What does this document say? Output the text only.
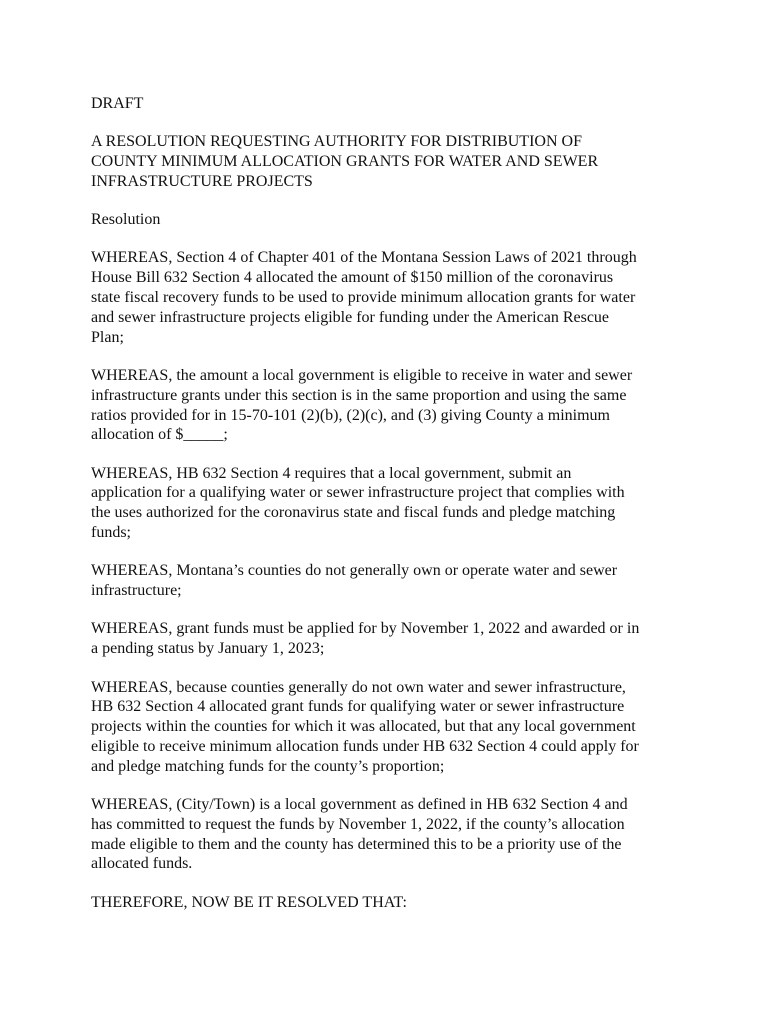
DRAFT
A RESOLUTION REQUESTING AUTHORITY FOR DISTRIBUTION OF
COUNTY MINIMUM ALLOCATION GRANTS FOR WATER AND SEWER
INFRASTRUCTURE PROJECTS
Resolution
WHEREAS, Section 4 of Chapter 401 of the Montana Session Laws of 2021 through
House Bill 632 Section 4 allocated the amount of $150 million of the coronavirus
state fiscal recovery funds to be used to provide minimum allocation grants for water
and sewer infrastructure projects eligible for funding under the American Rescue
Plan;
WHEREAS, the amount a local government is eligible to receive in water and sewer
infrastructure grants under this section is in the same proportion and using the same
ratios provided for in 15-70-101 (2)(b), (2)(c), and (3) giving County a minimum
allocation of $_____;
WHEREAS, HB 632 Section 4 requires that a local government, submit an
application for a qualifying water or sewer infrastructure project that complies with
the uses authorized for the coronavirus state and fiscal funds and pledge matching
funds;
WHEREAS, Montana’s counties do not generally own or operate water and sewer
infrastructure;
WHEREAS, grant funds must be applied for by November 1, 2022 and awarded or in
a pending status by January 1, 2023;
WHEREAS, because counties generally do not own water and sewer infrastructure,
HB 632 Section 4 allocated grant funds for qualifying water or sewer infrastructure
projects within the counties for which it was allocated, but that any local government
eligible to receive minimum allocation funds under HB 632 Section 4 could apply for
and pledge matching funds for the county’s proportion;
WHEREAS, (City/Town) is a local government as defined in HB 632 Section 4 and
has committed to request the funds by November 1, 2022, if the county’s allocation
made eligible to them and the county has determined this to be a priority use of the
allocated funds.
THEREFORE, NOW BE IT RESOLVED THAT:
